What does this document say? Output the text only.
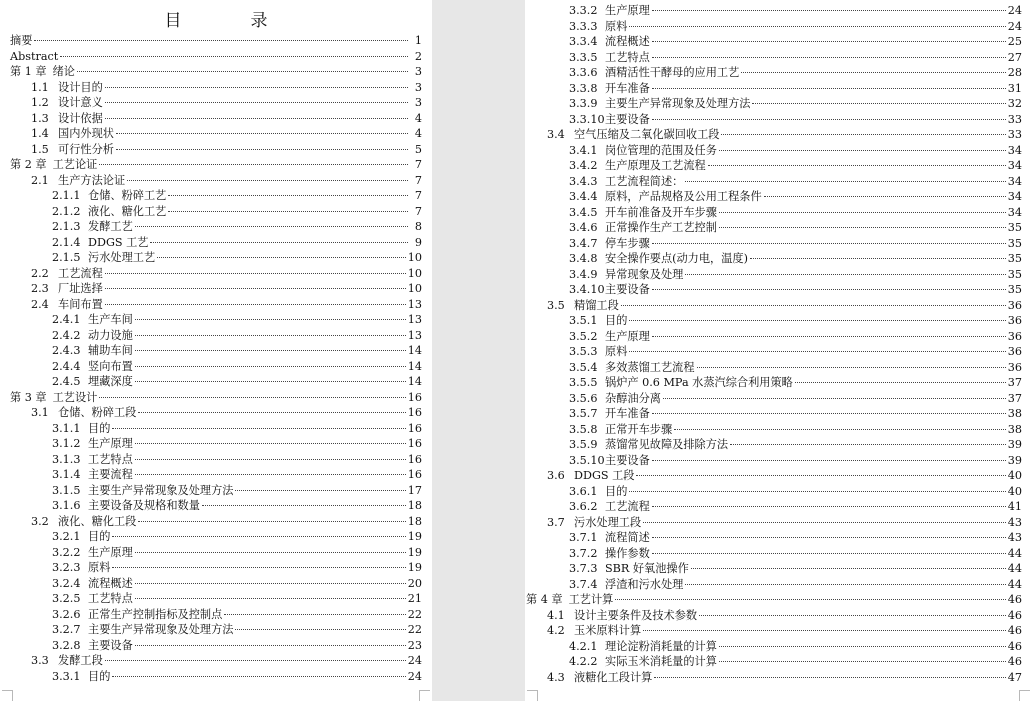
目　录
摘要	1
Abstract	2
第 1 章 绪论	3
1.1 设计目的	3
1.2 设计意义	3
1.3 设计依据	4
1.4 国内外现状	4
1.5 可行性分析	5
第 2 章 工艺论证	7
2.1 生产方法论证	7
2.1.1 仓储、粉碎工艺	7
2.1.2 液化、糖化工艺	7
2.1.3 发酵工艺	8
2.1.4 DDGS 工艺	9
2.1.5 污水处理工艺	10
2.2 工艺流程	10
2.3 厂址选择	10
2.4 车间布置	13
2.4.1 生产车间	13
2.4.2 动力设施	13
2.4.3 辅助车间	14
2.4.4 竖向布置	14
2.4.5 埋藏深度	14
第 3 章 工艺设计	16
3.1 仓储、粉碎工段	16
3.1.1 目的	16
3.1.2 生产原理	16
3.1.3 工艺特点	16
3.1.4 主要流程	16
3.1.5 主要生产异常现象及处理方法	17
3.1.6 主要设备及规格和数量	18
3.2 液化、糖化工段	18
3.2.1 目的	19
3.2.2 生产原理	19
3.2.3 原料	19
3.2.4 流程概述	20
3.2.5 工艺特点	21
3.2.6 正常生产控制指标及控制点	22
3.2.7 主要生产异常现象及处理方法	22
3.2.8 主要设备	23
3.3 发酵工段	24
3.3.1 目的	24
3.3.2 生产原理	24
3.3.3 原料	24
3.3.4 流程概述	25
3.3.5 工艺特点	27
3.3.6 酒精活性干酵母的应用工艺	28
3.3.8 开车准备	31
3.3.9 主要生产异常现象及处理方法	32
3.3.10 主要设备	33
3.4 空气压缩及二氧化碳回收工段	33
3.4.1 岗位管理的范围及任务	34
3.4.2 生产原理及工艺流程	34
3.4.3 工艺流程简述：	34
3.4.4 原料，产品规格及公用工程条件	34
3.4.5 开车前准备及开车步骤	34
3.4.6 正常操作生产工艺控制	35
3.4.7 停车步骤	35
3.4.8 安全操作要点(动力电，温度)	35
3.4.9 异常现象及处理	35
3.4.10 主要设备	35
3.5 精馏工段	36
3.5.1 目的	36
3.5.2 生产原理	36
3.5.3 原料	36
3.5.4 多效蒸馏工艺流程	36
3.5.5 锅炉产 0.6 MPa 水蒸汽综合利用策略	37
3.5.6 杂醇油分离	37
3.5.7 开车准备	38
3.5.8 正常开车步骤	38
3.5.9 蒸馏常见故障及排除方法	39
3.5.10 主要设备	39
3.6 DDGS 工段	40
3.6.1 目的	40
3.6.2 工艺流程	41
3.7 污水处理工段	43
3.7.1 流程简述	43
3.7.2 操作参数	44
3.7.3 SBR 好氧池操作	44
3.7.4 浮渣和污水处理	44
第 4 章 工艺计算	46
4.1 设计主要条件及技术参数	46
4.2 玉米原料计算	46
4.2.1 理论淀粉消耗量的计算	46
4.2.2 实际玉米消耗量的计算	46
4.3 液糖化工段计算	47
